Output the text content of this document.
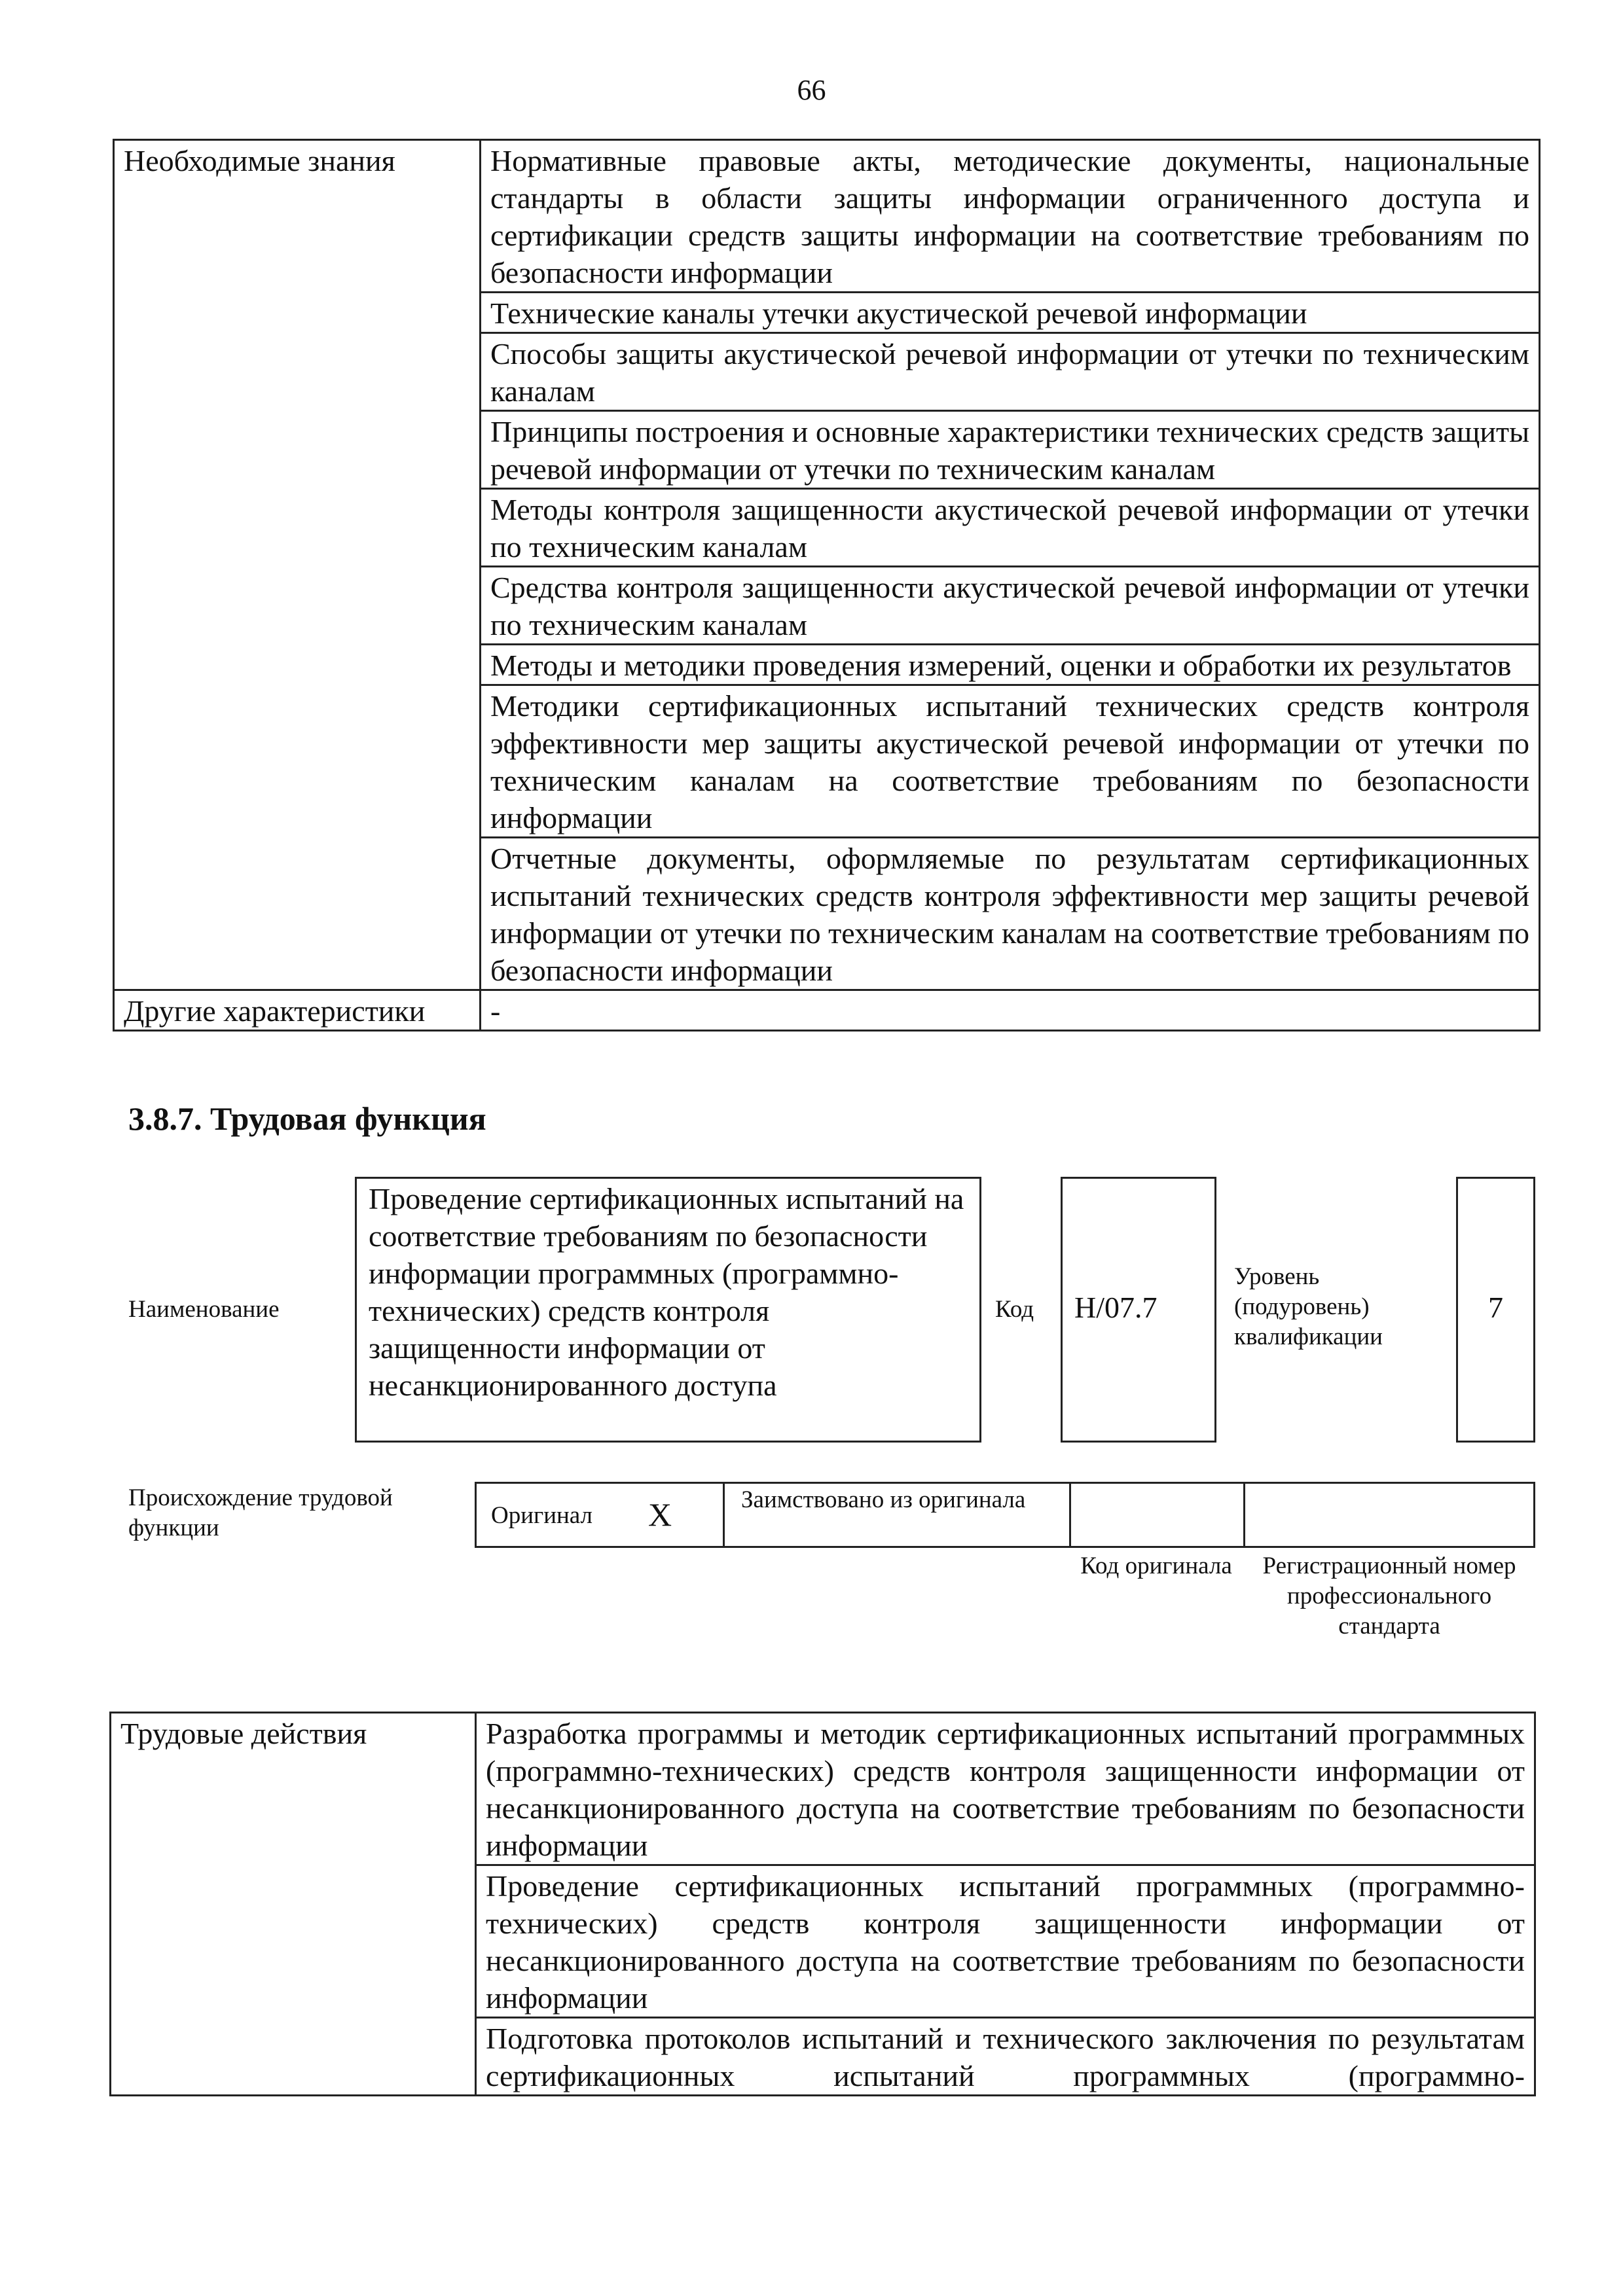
66
Необходимые знания	Нормативные правовые акты, методические документы, национальные стандарты в области защиты информации ограниченного доступа и сертификации средств защиты информации на соответствие требованиям по безопасности информации
	Технические каналы утечки акустической речевой информации
	Способы защиты акустической речевой информации от утечки по техническим каналам
	Принципы построения и основные характеристики технических средств защиты речевой информации от утечки по техническим каналам
	Методы контроля защищенности акустической речевой информации от утечки по техническим каналам
	Средства контроля защищенности акустической речевой информации от утечки по техническим каналам
	Методы и методики проведения измерений, оценки и обработки их результатов
	Методики сертификационных испытаний технических средств контроля эффективности мер защиты акустической речевой информации от утечки по техническим каналам на соответствие требованиям по безопасности информации
	Отчетные документы, оформляемые по результатам сертификационных испытаний технических средств контроля эффективности мер защиты речевой информации от утечки по техническим каналам на соответствие требованиям по безопасности информации
Другие характеристики	-
3.8.7. Трудовая функция
Наименование
Проведение сертификационных испытаний на соответствие требованиям по безопасности информации программных (программно-технических) средств контроля защищенности информации от несанкционированного доступа
Код H/07.7
Уровень (подуровень) квалификации
7
Происхождение трудовой функции	Оригинал X	Заимствовано из оригинала
Код оригинала	Регистрационный номер профессионального стандарта
Трудовые действия	Разработка программы и методик сертификационных испытаний программных (программно-технических) средств контроля защищенности информации от несанкционированного доступа на соответствие требованиям по безопасности информации
Проведение сертификационных испытаний программных (программно-технических) средств контроля защищенности информации от несанкционированного доступа на соответствие требованиям по безопасности информации
Подготовка протоколов испытаний и технического заключения по результатам сертификационных испытаний программных (программно-
